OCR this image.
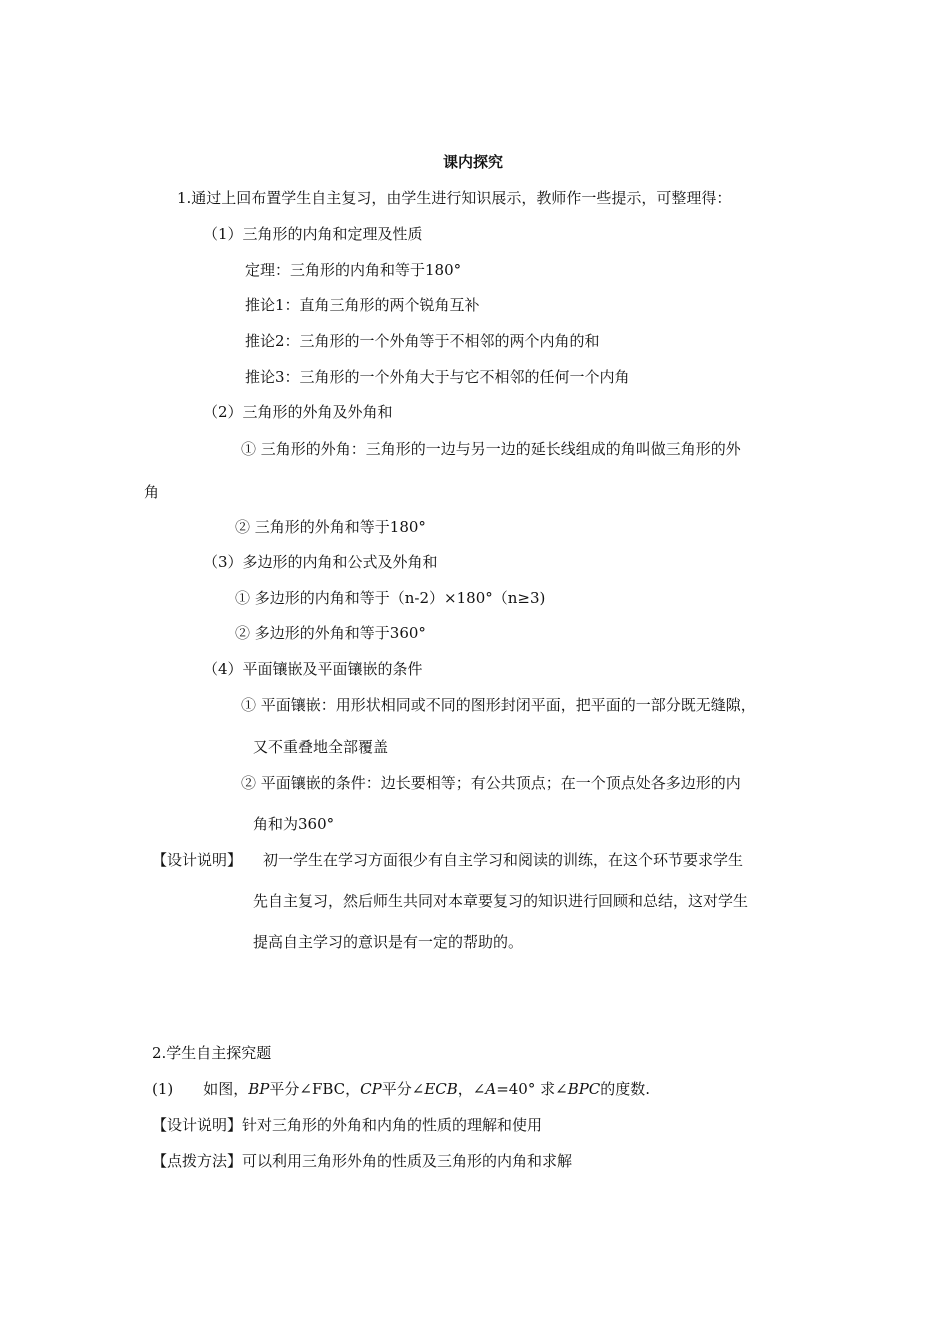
课内探究
1.通过上回布置学生自主复习，由学生进行知识展示，教师作一些提示，可整理得：
（1）三角形的内角和定理及性质
定理：三角形的内角和等于180°
推论1：直角三角形的两个锐角互补
推论2：三角形的一个外角等于不相邻的两个内角的和
推论3：三角形的一个外角大于与它不相邻的任何一个内角
（2）三角形的外角及外角和
① 三角形的外角：三角形的一边与另一边的延长线组成的角叫做三角形的外
角
② 三角形的外角和等于180°
（3）多边形的内角和公式及外角和
① 多边形的内角和等于（n-2）×180°（n≥3)
② 多边形的外角和等于360°
（4）平面镶嵌及平面镶嵌的条件
① 平面镶嵌：用形状相同或不同的图形封闭平面，把平面的一部分既无缝隙，
又不重叠地全部覆盖
② 平面镶嵌的条件：边长要相等；有公共顶点；在一个顶点处各多边形的内
角和为360°
【设计说明】 初一学生在学习方面很少有自主学习和阅读的训练，在这个环节要求学生
先自主复习，然后师生共同对本章要复习的知识进行回顾和总结，这对学生
提高自主学习的意识是有一定的帮助的。
2.学生自主探究题
(1) 如图，BP平分∠FBC，CP平分∠ECB，∠A=40° 求∠BPC的度数.
【设计说明】针对三角形的外角和内角的性质的理解和使用
【点拨方法】可以利用三角形外角的性质及三角形的内角和求解
